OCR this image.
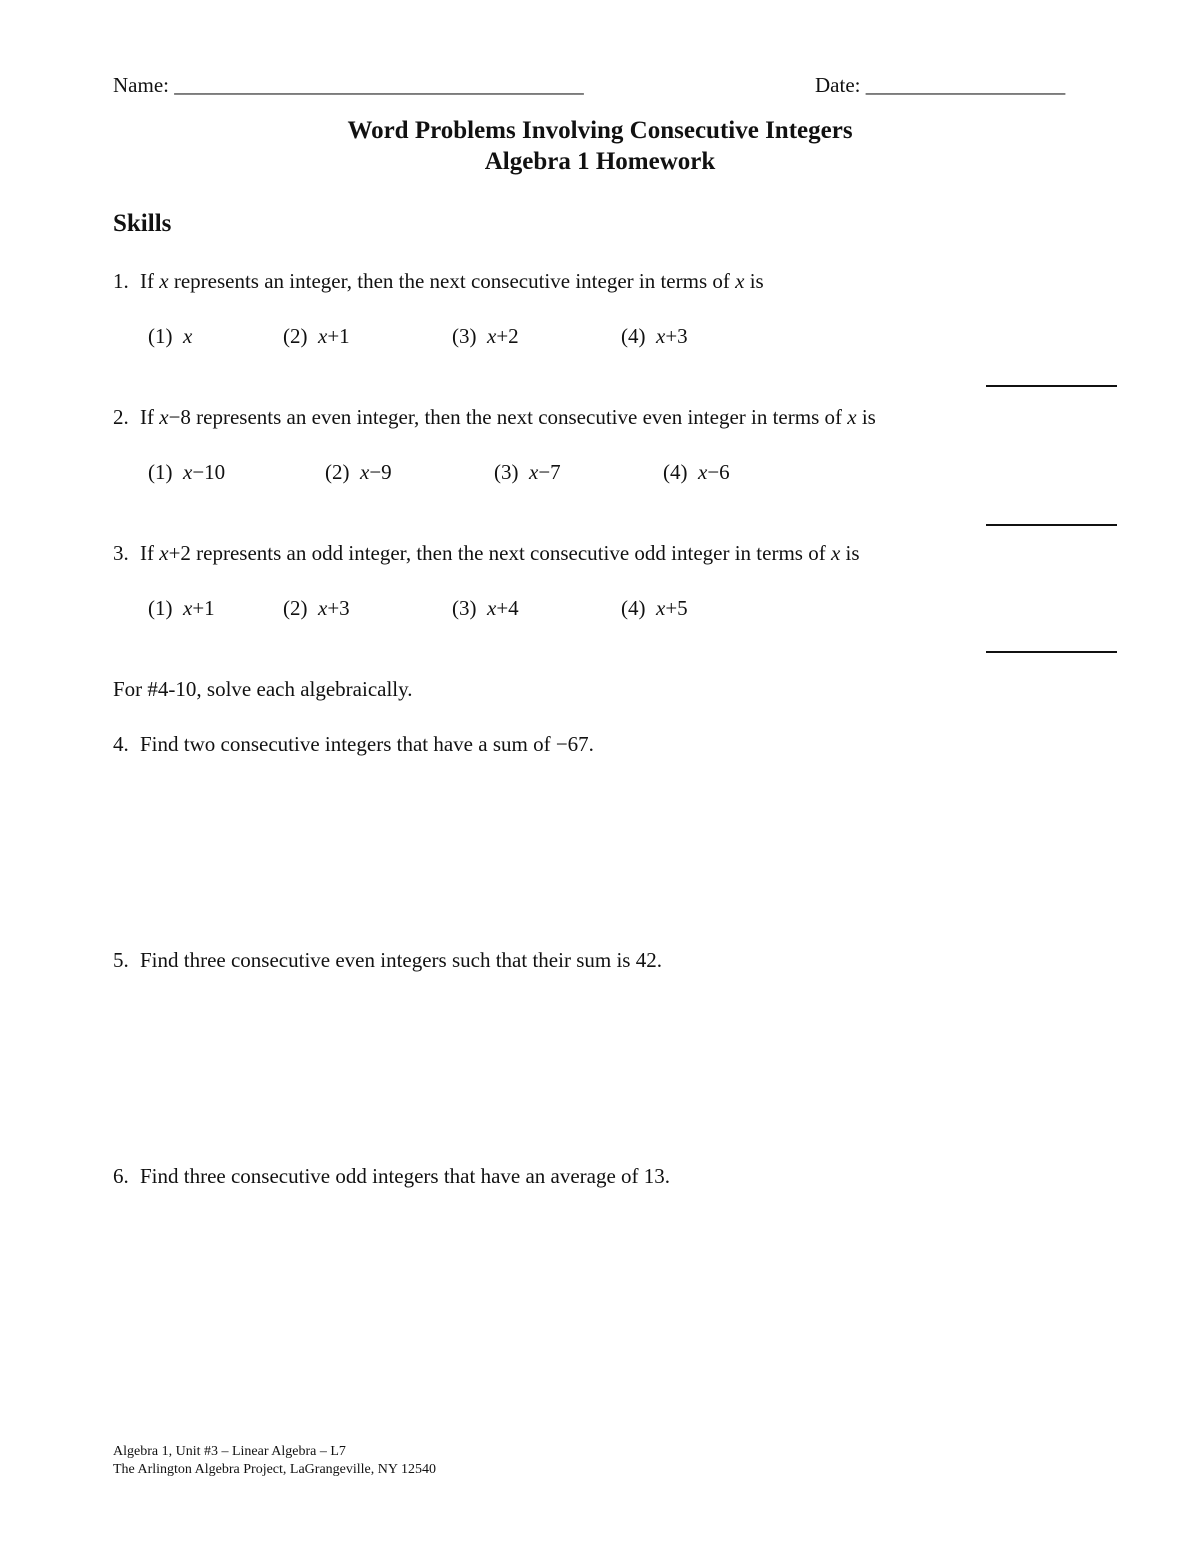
Name: _______________________________________	Date: ___________________
Word Problems Involving Consecutive Integers
Algebra 1 Homework
Skills
1. If x represents an integer, then the next consecutive integer in terms of x is
(1) x	(2) x+1	(3) x+2	(4) x+3
2. If x−8 represents an even integer, then the next consecutive even integer in terms of x is
(1) x−10	(2) x−9	(3) x−7	(4) x−6
3. If x+2 represents an odd integer, then the next consecutive odd integer in terms of x is
(1) x+1	(2) x+3	(3) x+4	(4) x+5
For #4-10, solve each algebraically.
4. Find two consecutive integers that have a sum of −67.
5. Find three consecutive even integers such that their sum is 42.
6. Find three consecutive odd integers that have an average of 13.
Algebra 1, Unit #3 – Linear Algebra – L7
The Arlington Algebra Project, LaGrangeville, NY 12540
